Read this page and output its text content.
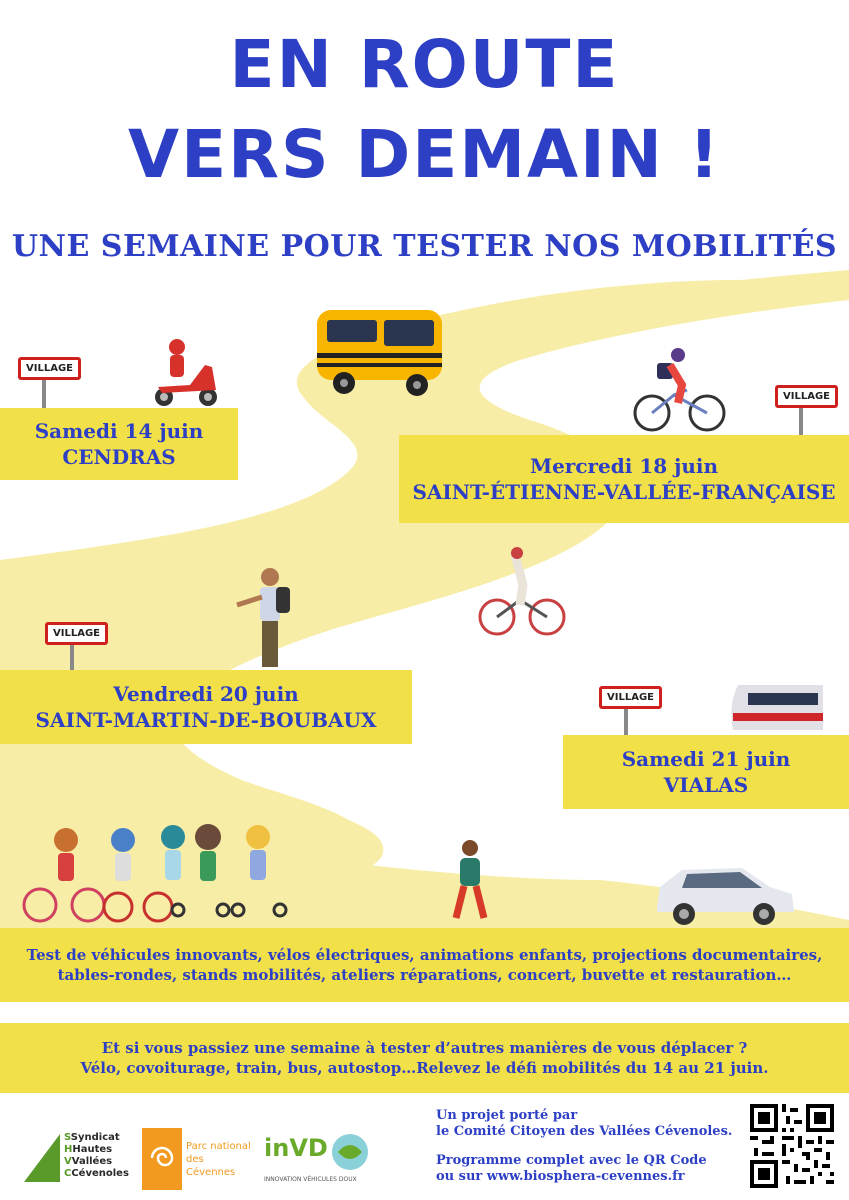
EN ROUTE
VERS DEMAIN !
UNE SEMAINE POUR TESTER NOS MOBILITÉS
VILLAGE
VILLAGE
VILLAGE
VILLAGE
Samedi 14 juin
CENDRAS	Mercredi 18 juin
SAINT-ÉTIENNE-VALLÉE-FRANÇAISE
Vendredi 20 juin
SAINT-MARTIN-DE-BOUBAUX
Samedi 21 juin
VIALAS
Test de véhicules innovants, vélos électriques, animations enfants, projections documentaires,
tables-rondes, stands mobilités, ateliers réparations, concert, buvette et restauration…
Et si vous passiez une semaine à tester d’autres manières de vous déplacer ?
Vélo, covoiturage, train, bus, autostop…Relevez le défi mobilités du 14 au 21 juin.
SSyndicat
HHautes
VVallées
CCévenoles
Parc national
des Cévennes
inVD
INNOVATION VÉHICULES DOUX
Un projet porté par
le Comité Citoyen des Vallées Cévenoles.
Programme complet avec le QR Code
ou sur www.biosphera-cevennes.fr
